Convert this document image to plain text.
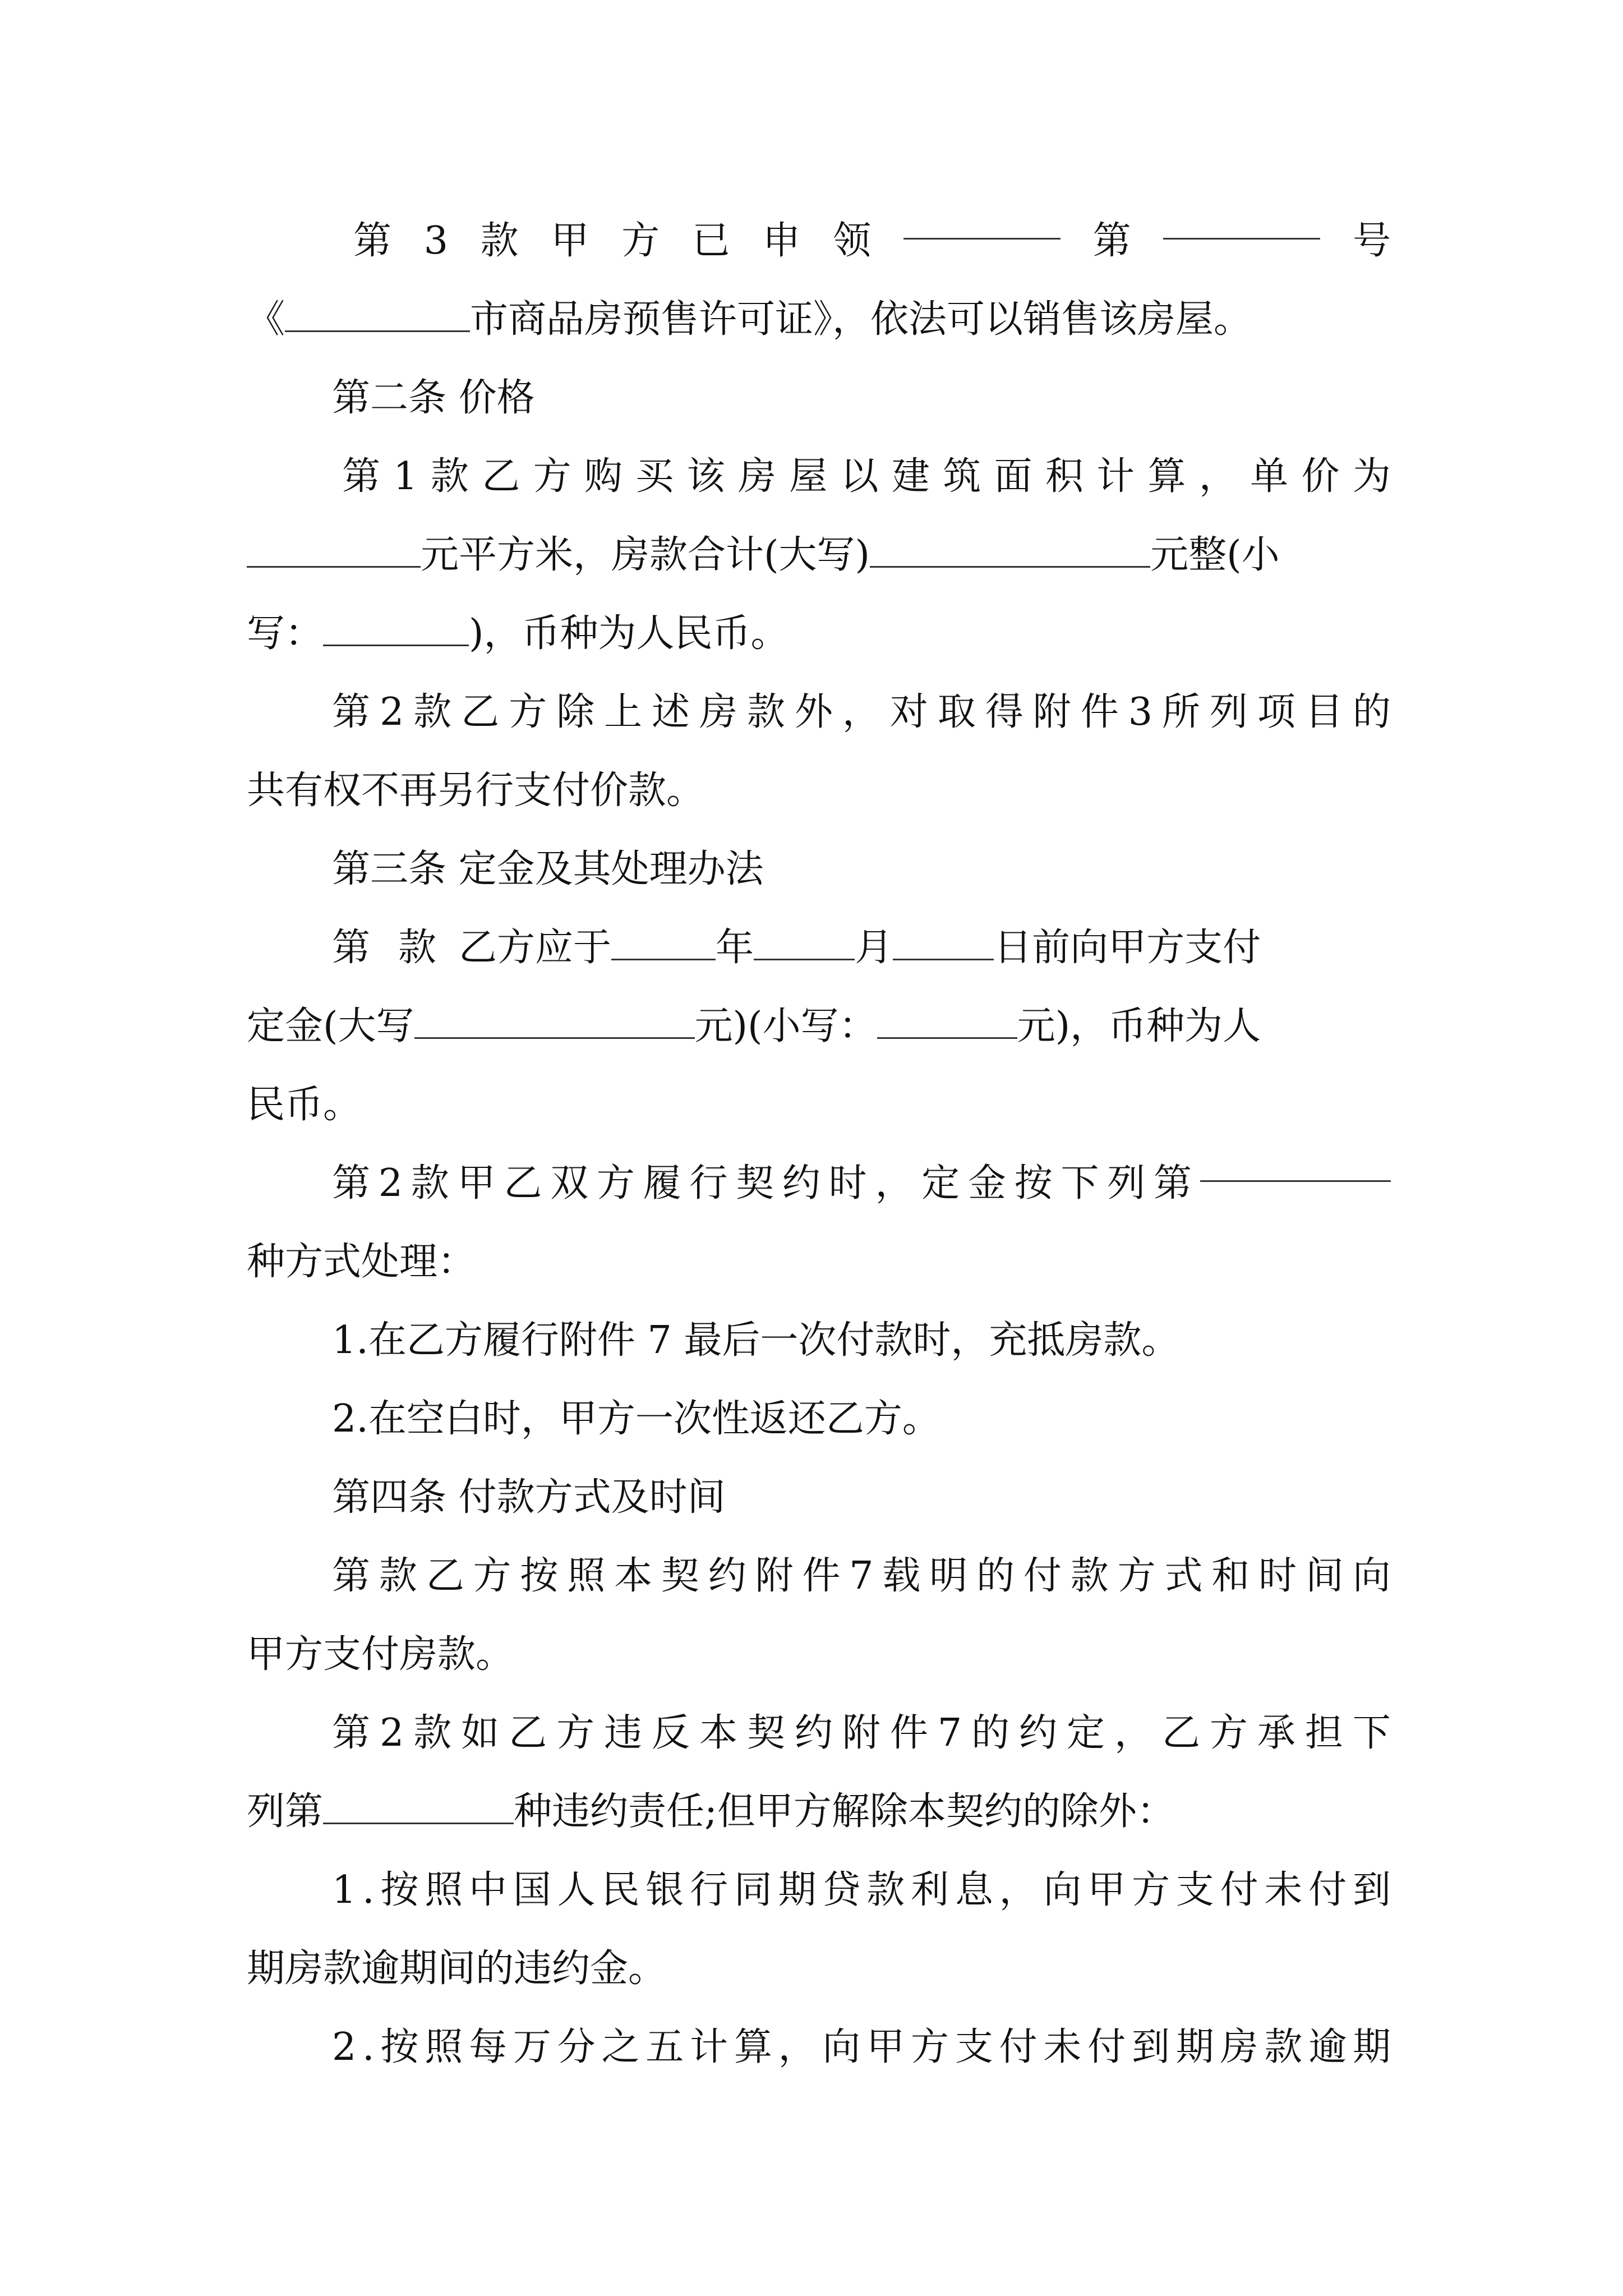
第 3 款 甲 方 已 申 领	第	号
《	市商品房预售许可证》，依法可以销售该房屋。
第二条 价格
第 1 款 乙 方 购 买 该 房 屋 以 建 筑 面 积 计 算 ， 单 价 为
元平方米，房款合计(大写)	元整(小
写：	)，币种为人民币。
第 2 款 乙 方 除 上 述 房 款 外 ， 对 取 得 附 件 3 所 列 项 目 的
共有权不再另行支付价款。
第三条 定金及其处理办法
第 款 乙方应于	年	月	日前向甲方支付
定金(大写	元)(小写：	元)，币种为人
民币。
第 2 款 甲 乙 双 方 履 行 契 约 时 ， 定 金 按 下 列 第
种方式处理：
1.在乙方履行附件 7 最后一次付款时，充抵房款。
2.在空白时，甲方一次性返还乙方。
第四条 付款方式及时间
第 款 乙 方 按 照 本 契 约 附 件 7 载 明 的 付 款 方 式 和 时 间 向
甲方支付房款。
第 2 款 如 乙 方 违 反 本 契 约 附 件 7 的 约 定 ， 乙 方 承 担 下
列第	种违约责任;但甲方解除本契约的除外：
1 . 按 照 中 国 人 民 银 行 同 期 贷 款 利 息 ， 向 甲 方 支 付 未 付 到
期房款逾期间的违约金。
2 . 按 照 每 万 分 之 五 计 算 ， 向 甲 方 支 付 未 付 到 期 房 款 逾 期
